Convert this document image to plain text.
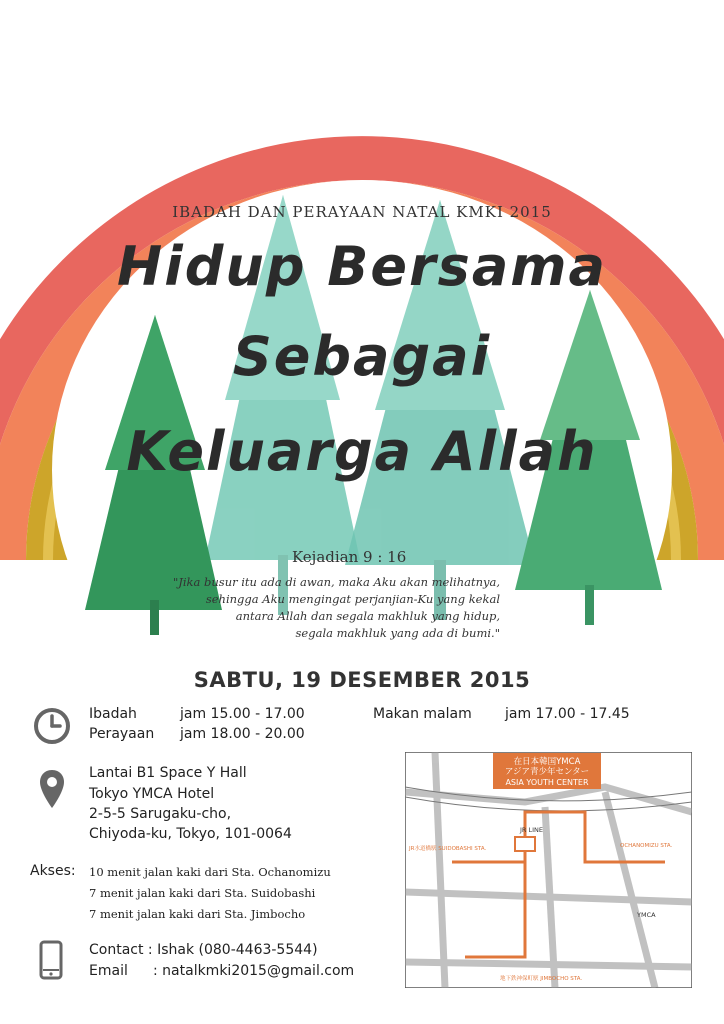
IBADAH DAN PERAYAAN NATAL KMKI 2015
Hidup Bersama
Sebagai
Keluarga Allah
Kejadian 9 : 16
"Jika busur itu ada di awan, maka Aku akan melihatnya,
sehingga Aku mengingat perjanjian-Ku yang kekal
antara Allah dan segala makhluk yang hidup,
segala makhluk yang ada di bumi."
SABTU, 19 DESEMBER 2015
Ibadah	jam 15.00 - 17.00
Perayaan jam 18.00 - 20.00
Makan malam jam 17.00 - 17.45
Lantai B1 Space Y Hall
Tokyo YMCA Hotel
2-5-5 Sarugaku-cho,
Chiyoda-ku, Tokyo, 101-0064
Akses: 10 menit jalan kaki dari Sta. Ochanomizu
7 menit jalan kaki dari Sta. Suidobashi
7 menit jalan kaki dari Sta. Jimbocho
Contact : Ishak (080-4463-5544)
Email : natalkmki2015@gmail.com
在日本韓国YMCA
アジア青少年センター
ASIA YOUTH CENTER
JR LINE
JR水道橋駅 SUIDOBASHI STA.	OCHANOMIZU STA.
YMCA
地下鉄神保町駅 JIMBOCHO STA.
